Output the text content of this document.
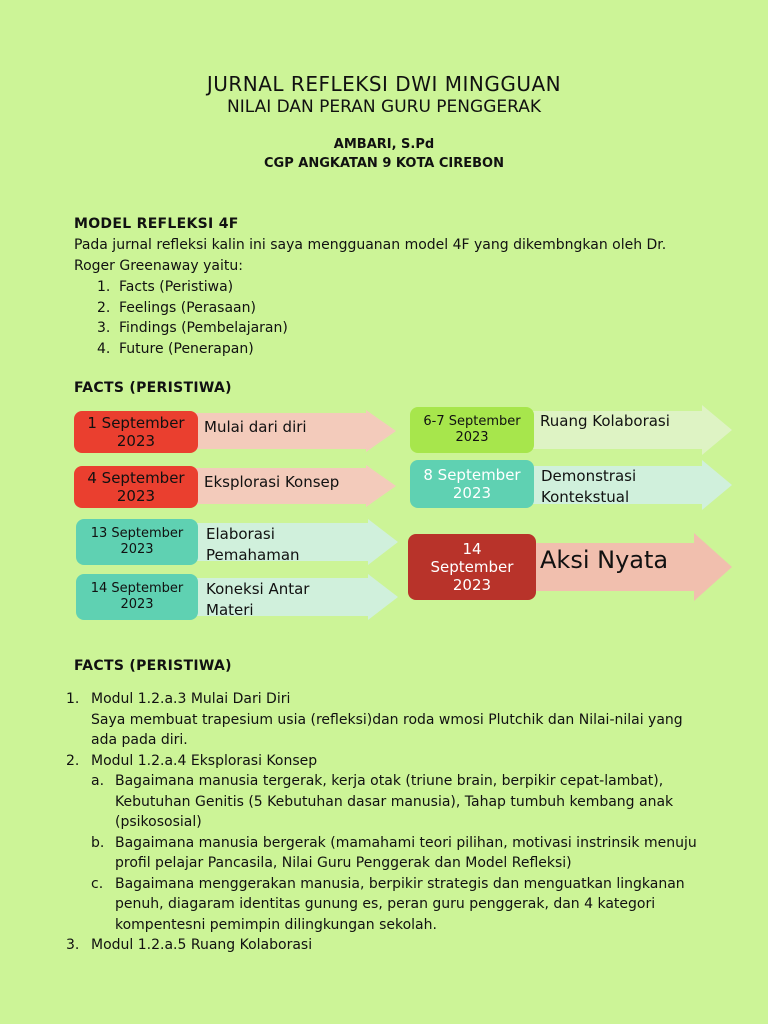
JURNAL REFLEKSI DWI MINGGUAN
NILAI DAN PERAN GURU PENGGERAK
AMBARI, S.Pd
CGP ANGKATAN 9 KOTA CIREBON
MODEL REFLEKSI 4F
Pada jurnal refleksi kalin ini saya mengguanan model 4F yang dikembngkan oleh Dr.
Roger Greenaway yaitu:
1. Facts (Peristiwa)
2. Feelings (Perasaan)
3. Findings (Pembelajaran)
4. Future (Penerapan)
FACTS (PERISTIWA)
1 September
2023
Mulai dari diri
4 September
2023
Eksplorasi Konsep
13 September
2023
Elaborasi
Pemahaman
14 September
2023
Koneksi Antar
Materi
6-7 September
2023
Ruang Kolaborasi
8 September
2023
Demonstrasi
Kontekstual
14
September
2023
Aksi Nyata
FACTS (PERISTIWA)
1. Modul 1.2.a.3 Mulai Dari Diri
Saya membuat trapesium usia (refleksi)dan roda wmosi Plutchik dan Nilai-nilai yang
ada pada diri.
2. Modul 1.2.a.4 Eksplorasi Konsep
a. Bagaimana manusia tergerak, kerja otak (triune brain, berpikir cepat-lambat),
Kebutuhan Genitis (5 Kebutuhan dasar manusia), Tahap tumbuh kembang anak
(psikososial)
b. Bagaimana manusia bergerak (mamahami teori pilihan, motivasi instrinsik menuju
profil pelajar Pancasila, Nilai Guru Penggerak dan Model Refleksi)
c. Bagaimana menggerakan manusia, berpikir strategis dan menguatkan lingkanan
penuh, diagaram identitas gunung es, peran guru penggerak, dan 4 kategori
kompentesni pemimpin dilingkungan sekolah.
3. Modul 1.2.a.5 Ruang Kolaborasi
